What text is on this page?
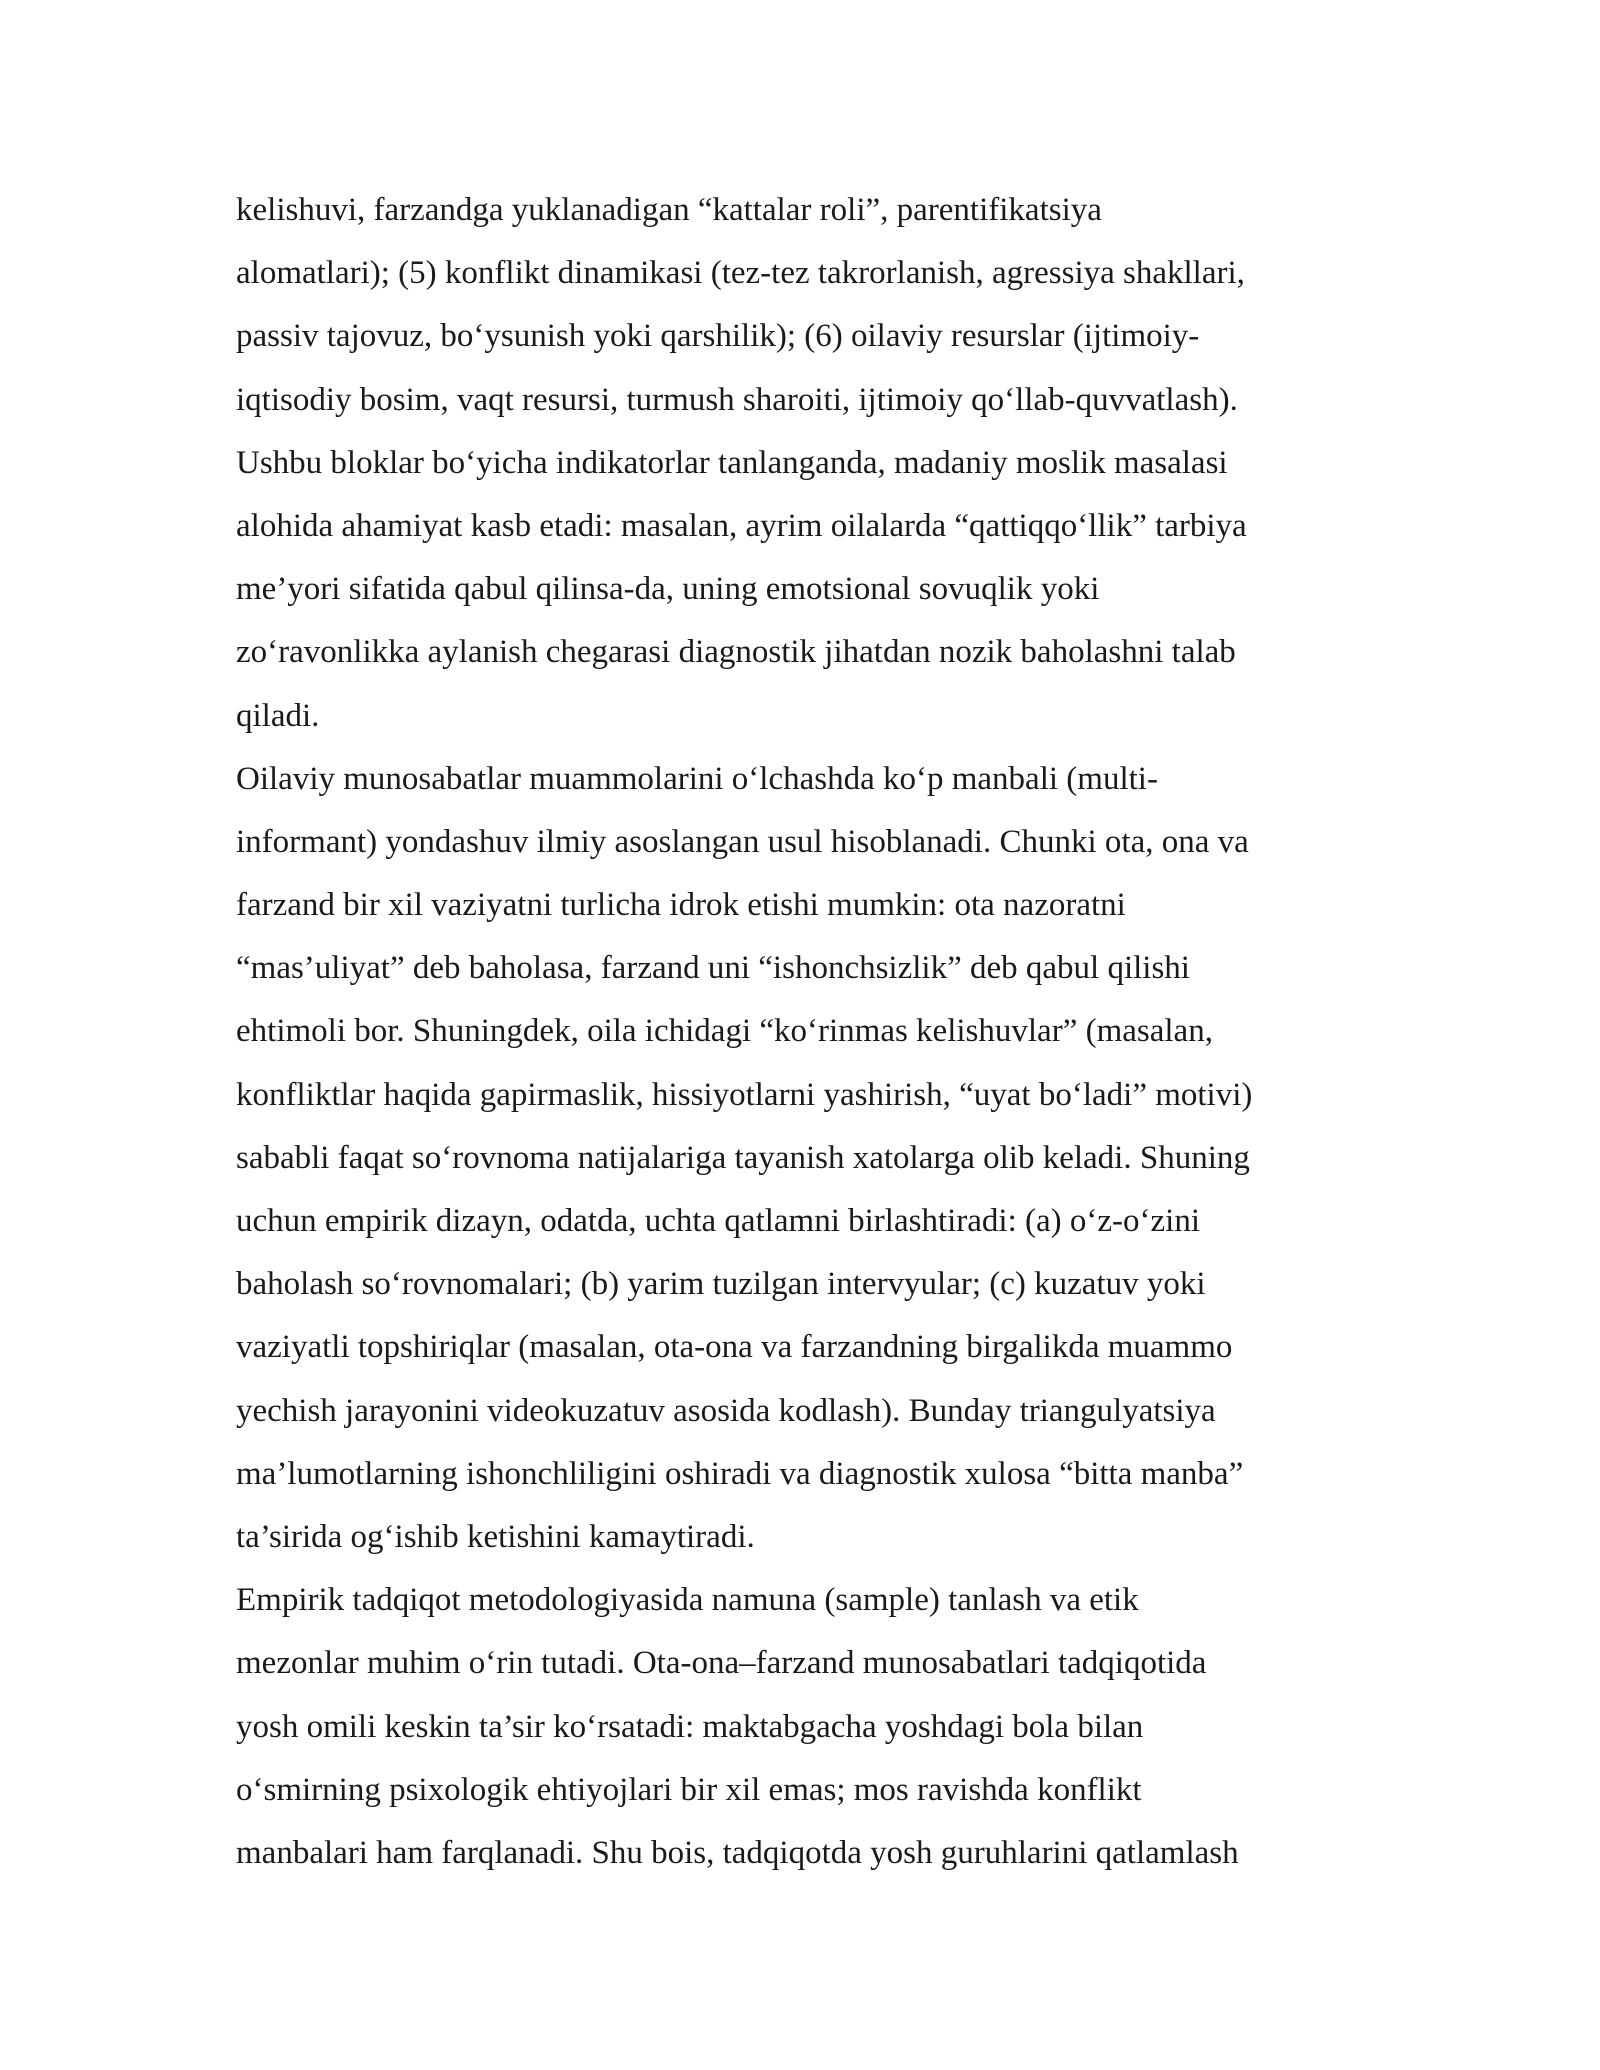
kelishuvi, farzandga yuklanadigan “kattalar roli”, parentifikatsiya
alomatlari); (5) konflikt dinamikasi (tez-tez takrorlanish, agressiya shakllari,
passiv tajovuz, bo‘ysunish yoki qarshilik); (6) oilaviy resurslar (ijtimoiy-
iqtisodiy bosim, vaqt resursi, turmush sharoiti, ijtimoiy qo‘llab-quvvatlash).
Ushbu bloklar bo‘yicha indikatorlar tanlanganda, madaniy moslik masalasi
alohida ahamiyat kasb etadi: masalan, ayrim oilalarda “qattiqqo‘llik” tarbiya
me’yori sifatida qabul qilinsa-da, uning emotsional sovuqlik yoki
zo‘ravonlikka aylanish chegarasi diagnostik jihatdan nozik baholashni talab
qiladi.
Oilaviy munosabatlar muammolarini o‘lchashda ko‘p manbali (multi-
informant) yondashuv ilmiy asoslangan usul hisoblanadi. Chunki ota, ona va
farzand bir xil vaziyatni turlicha idrok etishi mumkin: ota nazoratni
“mas’uliyat” deb baholasa, farzand uni “ishonchsizlik” deb qabul qilishi
ehtimoli bor. Shuningdek, oila ichidagi “ko‘rinmas kelishuvlar” (masalan,
konfliktlar haqida gapirmaslik, hissiyotlarni yashirish, “uyat bo‘ladi” motivi)
sababli faqat so‘rovnoma natijalariga tayanish xatolarga olib keladi. Shuning
uchun empirik dizayn, odatda, uchta qatlamni birlashtiradi: (a) o‘z-o‘zini
baholash so‘rovnomalari; (b) yarim tuzilgan intervyular; (c) kuzatuv yoki
vaziyatli topshiriqlar (masalan, ota-ona va farzandning birgalikda muammo
yechish jarayonini videokuzatuv asosida kodlash). Bunday triangulyatsiya
ma’lumotlarning ishonchliligini oshiradi va diagnostik xulosa “bitta manba”
ta’sirida og‘ishib ketishini kamaytiradi.
Empirik tadqiqot metodologiyasida namuna (sample) tanlash va etik
mezonlar muhim o‘rin tutadi. Ota-ona–farzand munosabatlari tadqiqotida
yosh omili keskin ta’sir ko‘rsatadi: maktabgacha yoshdagi bola bilan
o‘smirning psixologik ehtiyojlari bir xil emas; mos ravishda konflikt
manbalari ham farqlanadi. Shu bois, tadqiqotda yosh guruhlarini qatlamlash
